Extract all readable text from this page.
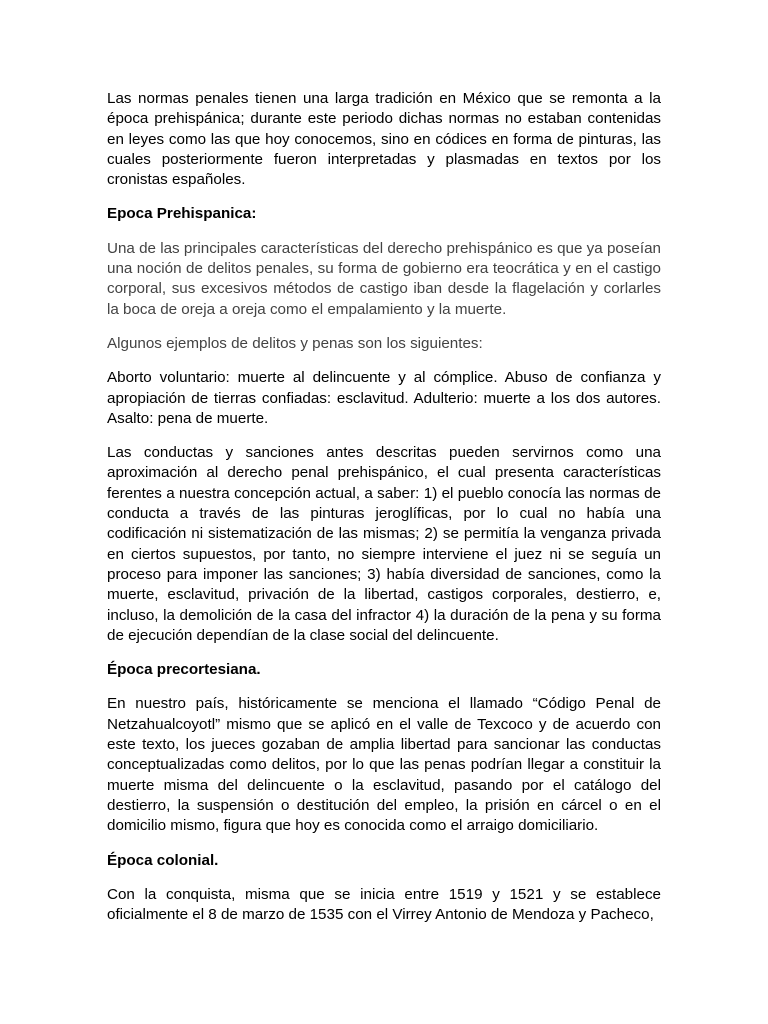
Las normas penales tienen una larga tradición en México que se remonta a la época prehispánica; durante este periodo dichas normas no estaban contenidas en leyes como las que hoy conocemos, sino en códices en forma de pinturas, las cuales posteriormente fueron interpretadas y plasmadas en textos por los cronistas españoles.

Epoca Prehispanica:

Una de las principales características del derecho prehispánico es que ya poseían una noción de delitos penales, su forma de gobierno era teocrática y en el castigo corporal, sus excesivos métodos de castigo iban desde la flagelación y corlarles la boca de oreja a oreja como el empalamiento y la muerte.

Algunos ejemplos de delitos y penas son los siguientes:

Aborto voluntario: muerte al delincuente y al cómplice. Abuso de confianza y apropiación de tierras confiadas: esclavitud. Adulterio: muerte a los dos autores. Asalto: pena de muerte.

Las conductas y sanciones antes descritas pueden servirnos como una aproximación al derecho penal prehispánico, el cual presenta características ferentes a nuestra concepción actual, a saber: 1) el pueblo conocía las normas de conducta a través de las pinturas jeroglíficas, por lo cual no había una codificación ni sistematización de las mismas; 2) se permitía la venganza privada en ciertos supuestos, por tanto, no siempre interviene el juez ni se seguía un proceso para imponer las sanciones; 3) había diversidad de sanciones, como la muerte, esclavitud, privación de la libertad, castigos corporales, destierro, e, incluso, la demolición de la casa del infractor 4) la duración de la pena y su forma de ejecución dependían de la clase social del delincuente.

Época precortesiana.

En nuestro país, históricamente se menciona el llamado “Código Penal de Netzahualcoyotl” mismo que se aplicó en el valle de Texcoco y de acuerdo con este texto, los jueces gozaban de amplia libertad para sancionar las conductas conceptualizadas como delitos, por lo que las penas podrían llegar a constituir la muerte misma del delincuente o la esclavitud, pasando por el catálogo del destierro, la suspensión o destitución del empleo, la prisión en cárcel o en el domicilio mismo, figura que hoy es conocida como el arraigo domiciliario.

Época colonial.

Con la conquista, misma que se inicia entre 1519 y 1521 y se establece oficialmente el 8 de marzo de 1535 con el Virrey Antonio de Mendoza y Pacheco,
